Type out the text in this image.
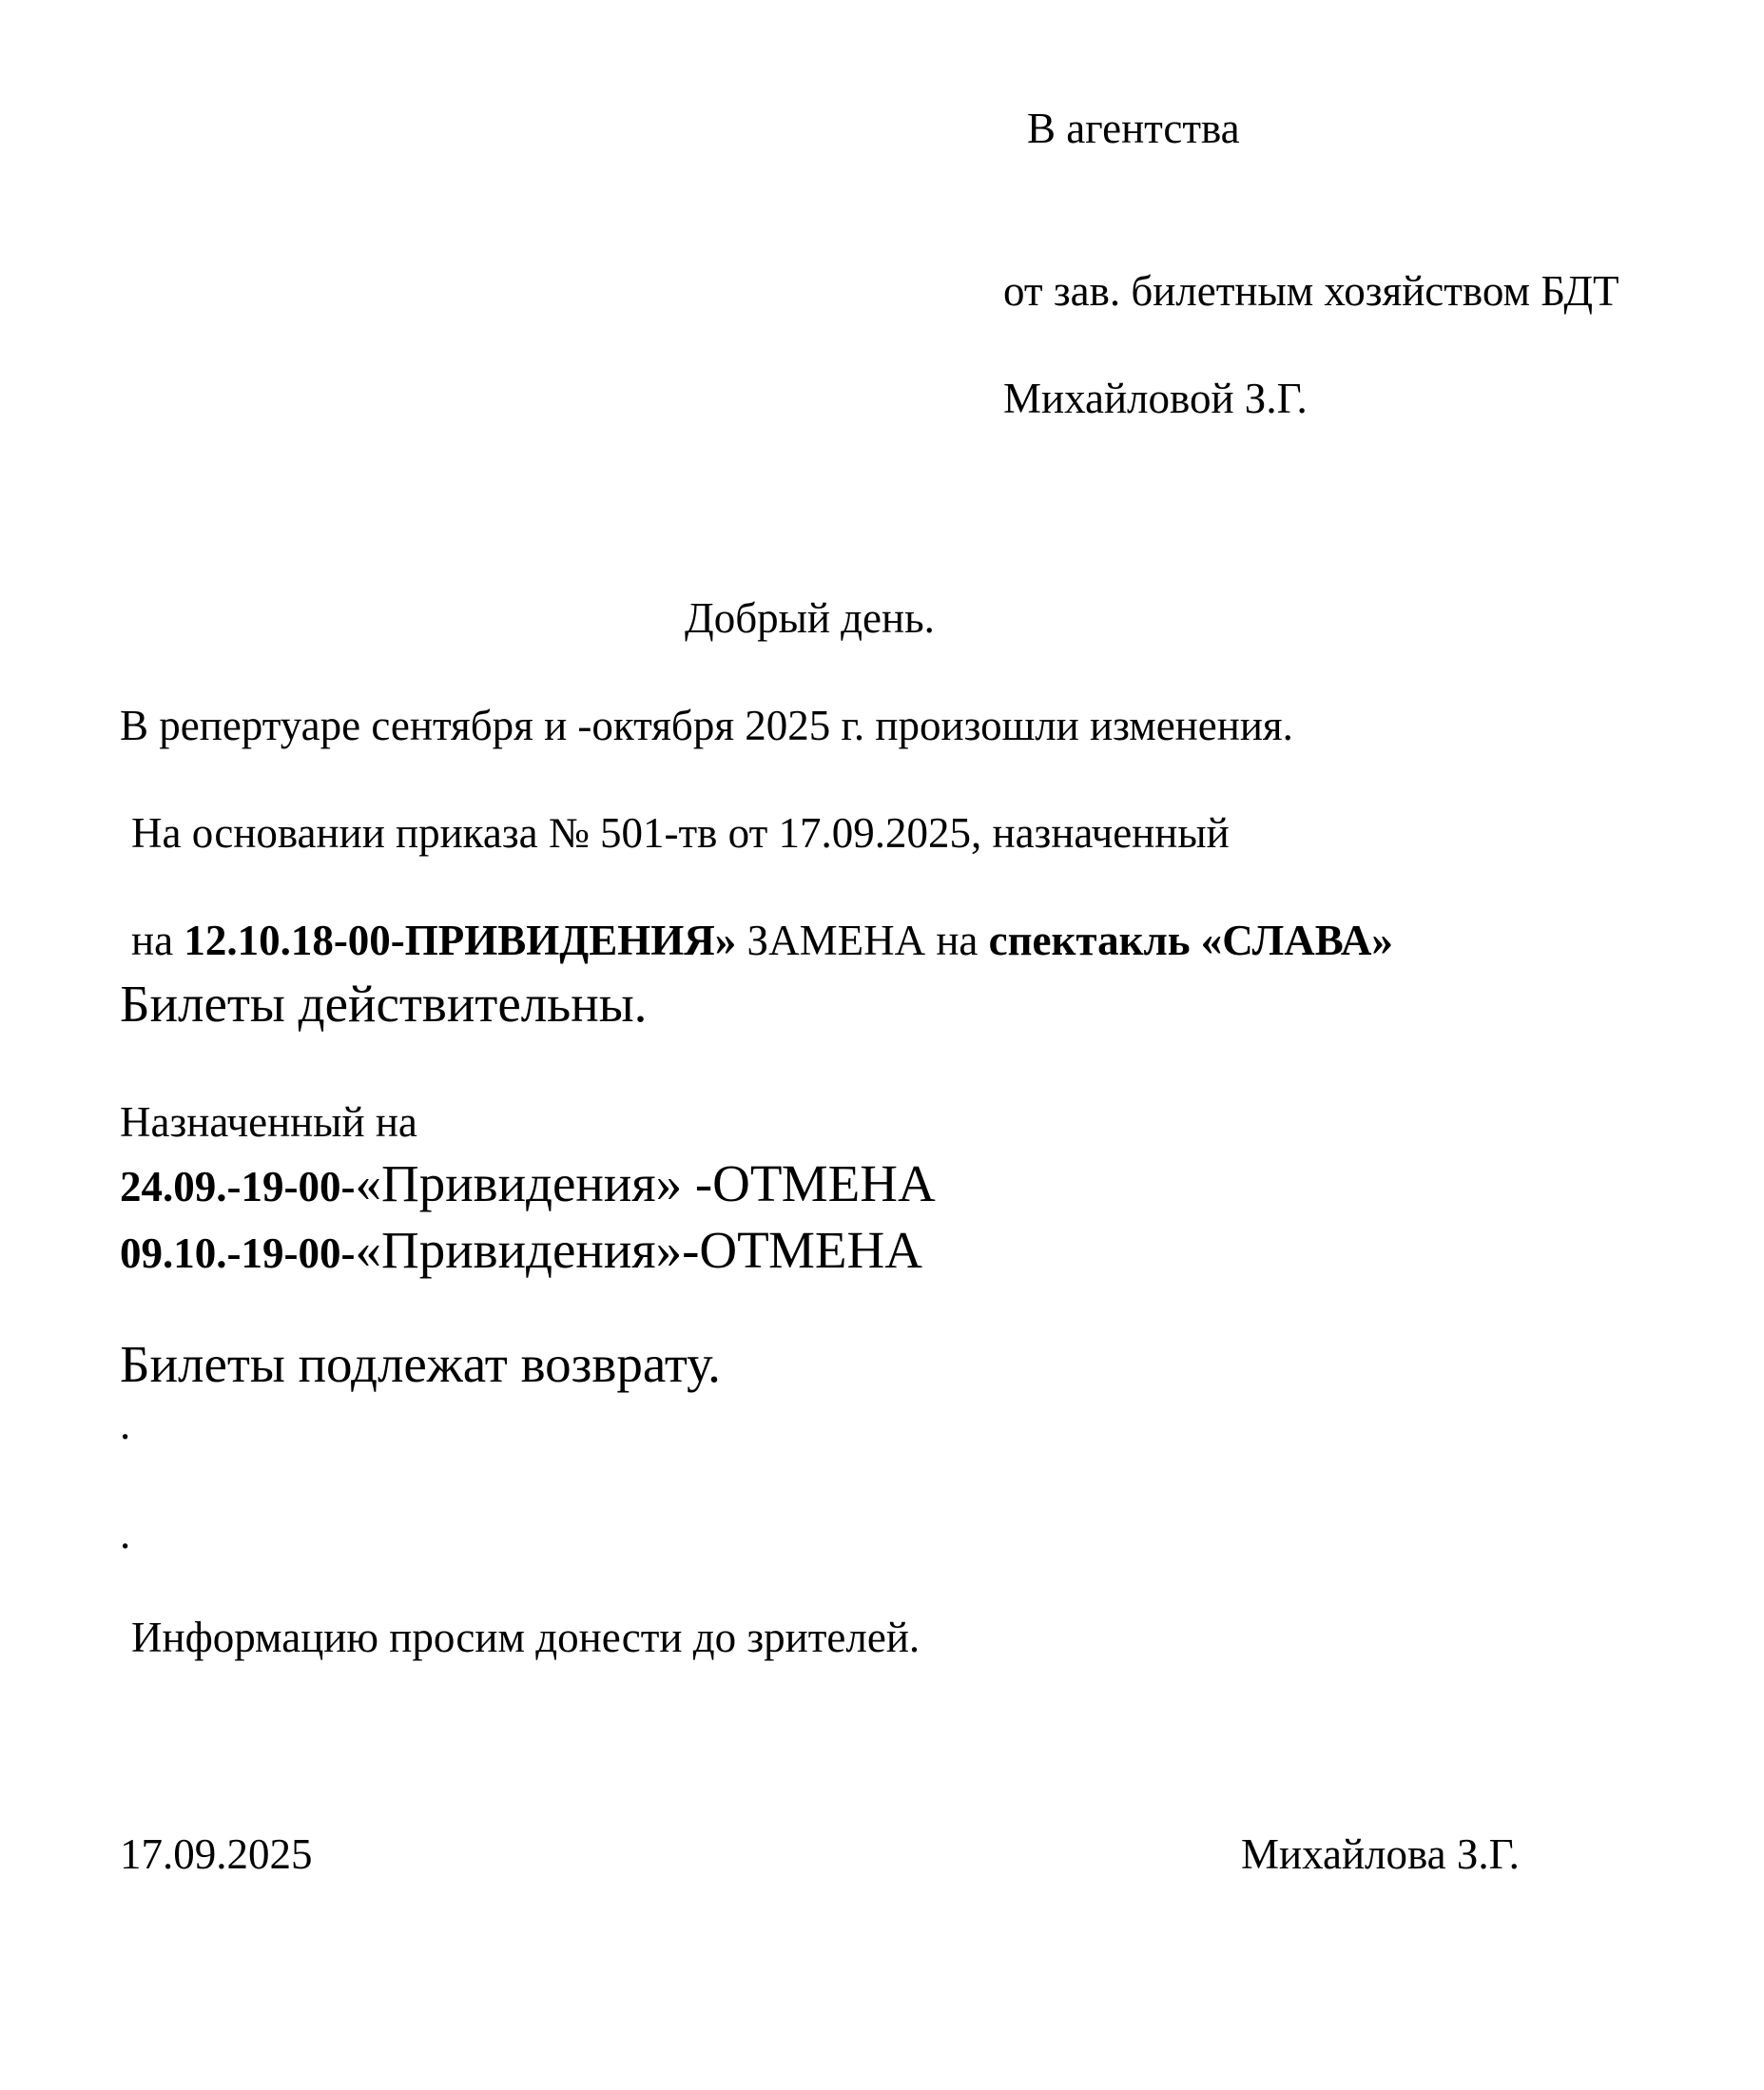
В агентства
от зав. билетным хозяйством БДТ
Михайловой З.Г.
Добрый день.
В репертуаре сентября и -октября 2025 г. произошли изменения.
На основании приказа № 501-тв от 17.09.2025, назначенный
на 12.10.18-00-ПРИВИДЕНИЯ» ЗАМЕНА на спектакль «СЛАВА»
Билеты действительны.
Назначенный на
24.09.-19-00-«Привидения» -ОТМЕНА
09.10.-19-00-«Привидения»-ОТМЕНА
Билеты подлежат возврату.
.
.
Информацию просим донести до зрителей.
17.09.2025	Михайлова З.Г.
